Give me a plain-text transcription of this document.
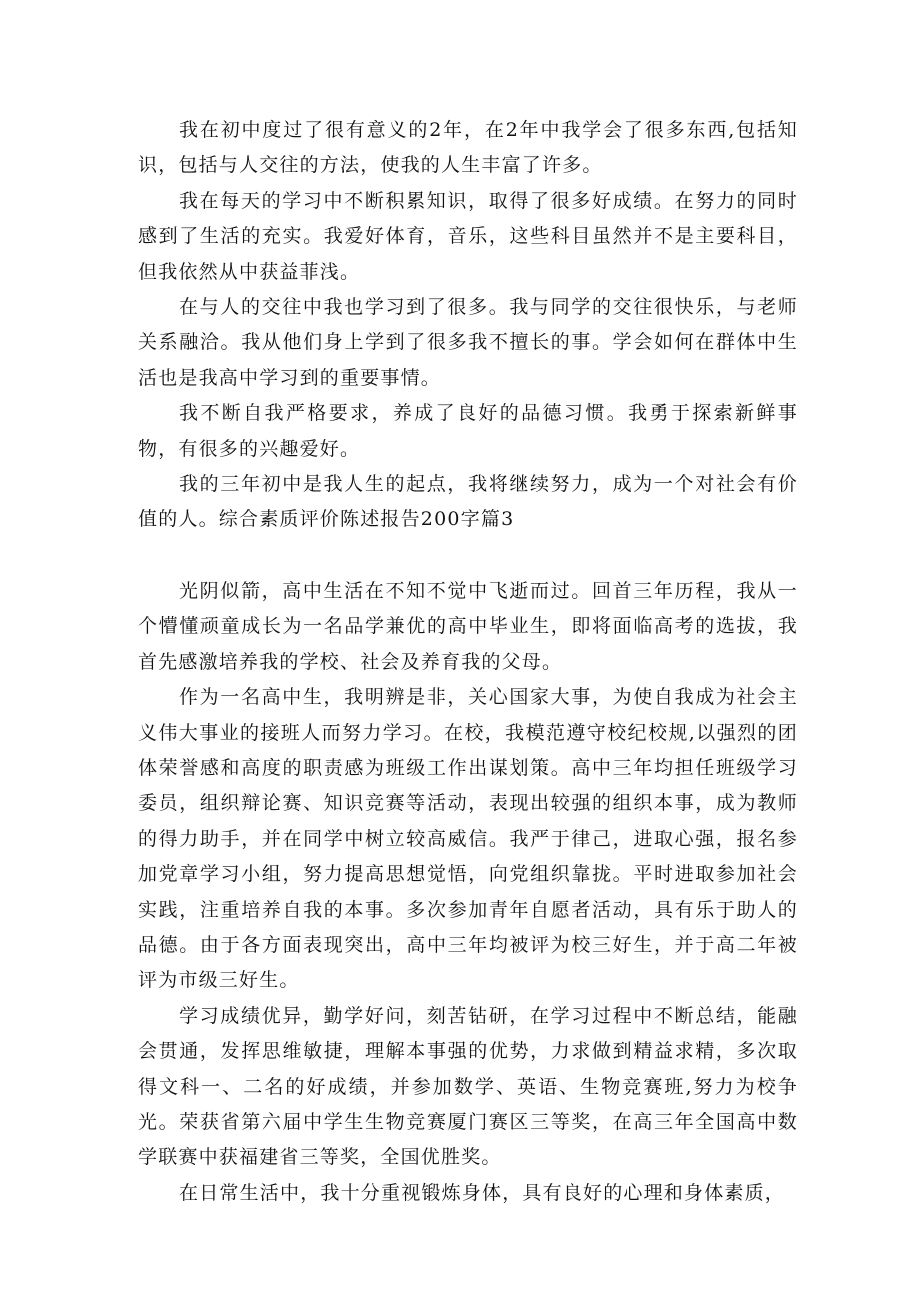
我在初中度过了很有意义的2年，在2年中我学会了很多东西,包括知识，包括与人交往的方法，使我的人生丰富了许多。

我在每天的学习中不断积累知识，取得了很多好成绩。在努力的同时感到了生活的充实。我爱好体育，音乐，这些科目虽然并不是主要科目，但我依然从中获益菲浅。

在与人的交往中我也学习到了很多。我与同学的交往很快乐，与老师关系融洽。我从他们身上学到了很多我不擅长的事。学会如何在群体中生活也是我高中学习到的重要事情。

我不断自我严格要求，养成了良好的品德习惯。我勇于探索新鲜事物，有很多的兴趣爱好。

我的三年初中是我人生的起点，我将继续努力，成为一个对社会有价值的人。综合素质评价陈述报告200字篇3

光阴似箭，高中生活在不知不觉中飞逝而过。回首三年历程，我从一个懵懂顽童成长为一名品学兼优的高中毕业生，即将面临高考的选拔，我首先感激培养我的学校、社会及养育我的父母。

作为一名高中生，我明辨是非，关心国家大事，为使自我成为社会主义伟大事业的接班人而努力学习。在校，我模范遵守校纪校规,以强烈的团体荣誉感和高度的职责感为班级工作出谋划策。高中三年均担任班级学习委员，组织辩论赛、知识竞赛等活动，表现出较强的组织本事，成为教师的得力助手，并在同学中树立较高威信。我严于律己，进取心强，报名参加党章学习小组，努力提高思想觉悟，向党组织靠拢。平时进取参加社会实践，注重培养自我的本事。多次参加青年自愿者活动，具有乐于助人的品德。由于各方面表现突出，高中三年均被评为校三好生，并于高二年被评为市级三好生。

学习成绩优异，勤学好问，刻苦钻研，在学习过程中不断总结，能融会贯通，发挥思维敏捷，理解本事强的优势，力求做到精益求精，多次取得文科一、二名的好成绩，并参加数学、英语、生物竞赛班,努力为校争光。荣获省第六届中学生生物竞赛厦门赛区三等奖，在高三年全国高中数学联赛中获福建省三等奖，全国优胜奖。

在日常生活中，我十分重视锻炼身体，具有良好的心理和身体素质，
